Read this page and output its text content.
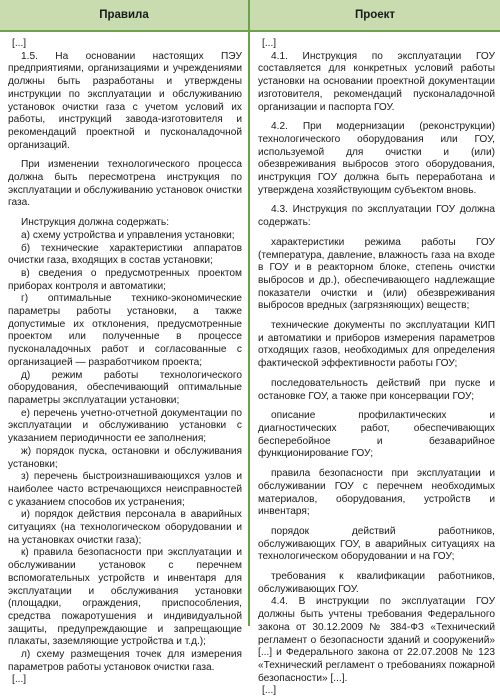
Правила

[...]

1.5. На основании настоящих ПЭУ предприятиями, организациями и учреждениями должны быть разработаны и утверждены инструкции по эксплуатации и обслуживанию установок очистки газа с учетом условий их работы, инструкций завода-изготовителя и рекомендаций проектной и пусконаладочной организаций.

При изменении технологического процесса должна быть пересмотрена инструкция по эксплуатации и обслуживанию установок очистки газа.

Инструкция должна содержать:

а) схему устройства и управления установки;

б) технические характеристики аппаратов очистки газа, входящих в состав установки;

в) сведения о предусмотренных проектом приборах контроля и автоматики;

г) оптимальные технико-экономические параметры работы установки, а также допустимые их отклонения, предусмотренные проектом или полученные в процессе пусконаладочных работ и согласованные с организацией — разработчиком проекта;

д) режим работы технологического оборудования, обеспечивающий оптимальные параметры эксплуатации установки;

е) перечень учетно-отчетной документации по эксплуатации и обслуживанию установки с указанием периодичности ее заполнения;

ж) порядок пуска, остановки и обслуживания установки;

з) перечень быстроизнашивающихся узлов и наиболее часто встречающихся неисправностей с указанием способов их устранения;

и) порядок действия персонала в аварийных ситуациях (на технологическом оборудовании и на установках очистки газа);

к) правила безопасности при эксплуатации и обслуживании установок с перечнем вспомогательных устройств и инвентаря для эксплуатации и обслуживания установки (площадки, ограждения, приспособления, средства пожаротушения и индивидуальной защиты, предупреждающие и запрещающие плакаты, заземляющие устройства и т.д.);

л) схему размещения точек для измерения параметров работы установок очистки газа.

[...]

Проект

[...]

4.1. Инструкция по эксплуатации ГОУ составляется для конкретных условий работы установки на основании проектной документации изготовителя, рекомендаций пусконаладочной организации и паспорта ГОУ.

4.2. При модернизации (реконструкции) технологического оборудования или ГОУ, используемой для очистки и (или) обезвреживания выбросов этого оборудования, инструкция ГОУ должна быть переработана и утверждена хозяйствующим субъектом вновь.

4.3. Инструкция по эксплуатации ГОУ должна содержать:

характеристики режима работы ГОУ (температура, давление, влажность газа на входе в ГОУ и в реакторном блоке, степень очистки выбросов и др.), обеспечивающего надлежащие показатели очистки и (или) обезвреживания выбросов вредных (загрязняющих) веществ;

технические документы по эксплуатации КИП и автоматики и приборов измерения параметров отходящих газов, необходимых для определения фактической эффективности работы ГОУ;

последовательность действий при пуске и остановке ГОУ, а также при консервации ГОУ;

описание профилактических и диагностических работ, обеспечивающих бесперебойное и безаварийное функционирование ГОУ;

правила безопасности при эксплуатации и обслуживании ГОУ с перечнем необходимых материалов, оборудования, устройств и инвентаря;

порядок действий работников, обслуживающих ГОУ, в аварийных ситуациях на технологическом оборудовании и на ГОУ;

требования к квалификации работников, обслуживающих ГОУ.

4.4. В инструкции по эксплуатации ГОУ должны быть учтены требования Федерального закона от 30.12.2009 № 384-ФЗ «Технический регламент о безопасности зданий и сооружений» [...] и Федерального закона от 22.07.2008 № 123 «Технический регламент о требованиях пожарной безопасности» [...].

[...]
